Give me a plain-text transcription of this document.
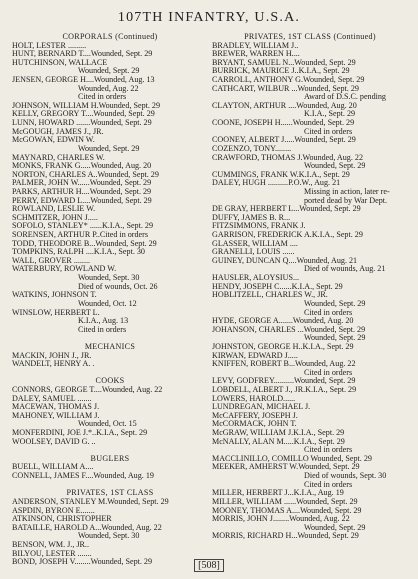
107TH INFANTRY, U.S.A.
CORPORALS (Continued)
HOLT, LESTER .........
HUNT, BERNARD T....Wounded, Sept. 29
HUTCHINSON, WALLACE
Wounded, Sept. 29
JENSEN, GEORGE H....Wounded, Aug. 13
Wounded, Aug. 22
Cited in orders
JOHNSON, WILLIAM H.Wounded, Sept. 29
KELLY, GREGORY T....Wounded, Sept. 29
LUNN, HOWARD .......Wounded, Sept. 29
McGOUGH, JAMES J., JR.
McGOWAN, EDWIN W.
Wounded, Sept. 29
MAYNARD, CHARLES W.
MONKS, FRANK G.....Wounded, Aug. 20
NORTON, CHARLES A..Wounded, Sept. 29
PALMER, JOHN W......Wounded, Sept. 29
PARKS, ARTHUR H....Wounded, Sept. 29
PERRY, EDWARD L....Wounded, Sept. 29
ROWLAND, LESLIE W.
SCHMITZER, JOHN J.....
SOFOLO, STANLEY* ......K.I.A., Sept. 29
SORENSEN, ARTHUR P..Cited in orders
TODD, THEODORE B...Wounded, Sept. 29
TOMPKINS, RALPH ....K.I.A., Sept. 30
WALL, GROVER ........
WATERBURY, ROWLAND W.
Wounded, Sept. 30
Died of wounds, Oct. 26
WATKINS, JOHNSON T.
Wounded, Oct. 12
WINSLOW, HERBERT L.
K.I.A., Aug. 13
Cited in orders
MECHANICS
MACKIN, JOHN J., JR.
WANDELT, HENRY A. .
COOKS
CONNORS, GEORGE T....Wounded, Aug. 22
DALEY, SAMUEL .......
MACEWAN, THOMAS J.
MAHONEY, WILLIAM J.
Wounded, Oct. 15
MONFERDINI, JOE J.*..K.I.A., Sept. 29
WOOLSEY, DAVID G. ..
BUGLERS
BUELL, WILLIAM A....
CONNELL, JAMES F....Wounded, Aug. 19
PRIVATES, 1ST CLASS
ANDERSON, STANLEY M.Wounded, Sept. 29
ASPDIN, BYRON E.......
ATKINSON, CHRISTOPHER
BATAILLE, HAROLD A...Wounded, Aug. 22
Wounded, Sept. 30
BENSON, WM. J., JR..
BILYOU, LESTER .......
BOND, JOSEPH V........Wounded, Sept. 29
PRIVATES, 1ST CLASS (Continued)
BRADLEY, WILLIAM J..
BREWER, WARREN H....
BRYANT, SAMUEL N...Wounded, Sept. 29
BURRICK, MAURICE J..K.I.A., Sept. 29
CARROLL, ANTHONY G.Wounded, Sept. 29
CATHCART, WILBUR ...Wounded, Sept. 29
Award of D.S.C. pending
CLAYTON, ARTHUR ....Wounded, Aug. 20
K.I.A., Sept. 29
COONE, JOSEPH H......Wounded, Sept. 29
Cited in orders
COONEY, ALBERT J.....Wounded, Sept. 29
COZENZO, TONY........
CRAWFORD, THOMAS J.Wounded, Aug. 22
Wounded, Sept. 29
CUMMINGS, FRANK W.K.I.A., Sept. 29
DALEY, HUGH ..........P.O.W., Aug. 21
Missing in action, later re-
ported dead by War Dept.
DE GRAY, HERBERT L...Wounded, Sept. 29
DUFFY, JAMES B. R...
FITZSIMMONS, FRANK J.
GARRISON, FREDERICK A.K.I.A., Sept. 29
GLASSER, WILLIAM ....
GRANELLI, LOUIS ......
GUINEY, DUNCAN Q....Wounded, Aug. 21
Died of wounds, Aug. 21
HAUSLER, ALOYSIUS...
HENDY, JOSEPH C......K.I.A., Sept. 29
HOBLITZELL, CHARLES W., JR.
Wounded, Sept. 29
Cited in orders
HYDE, GEORGE A.......Wounded, Aug. 20
JOHANSON, CHARLES ...Wounded, Sept. 29
Wounded, Sept. 29
JOHNSTON, GEORGE H..K.I.A., Sept. 29
KIRWAN, EDWARD J.....
KNIFFEN, ROBERT B...Wounded, Aug. 22
Cited in orders
LEVY, GODFREY..........Wounded, Sept. 29
LOBDELL, ALBERT J., JR.K.I.A., Sept. 29
LOWERS, HAROLD......
LUNDREGAN, MICHAEL J.
McCAFFERY, JOSEPH J.
McCORMACK, JOHN T.
McGRAW, WILLIAM J.K.I.A., Sept. 29
McNALLY, ALAN M.....K.I.A., Sept. 29
Cited in orders
MACCLINILLO, COMILLO Wounded, Sept. 29
MEEKER, AMHERST W.Wounded, Sept. 29
Died of wounds, Sept. 30
Cited in orders
MILLER, HERBERT J...K.I.A., Aug. 19
MILLER, WILLIAM ......Wounded, Sept. 29
MOONEY, THOMAS A....Wounded, Sept. 29
MORRIS, JOHN J........Wounded, Aug. 22
Wounded, Sept. 29
MORRIS, RICHARD H...Wounded, Sept. 29
[508]
